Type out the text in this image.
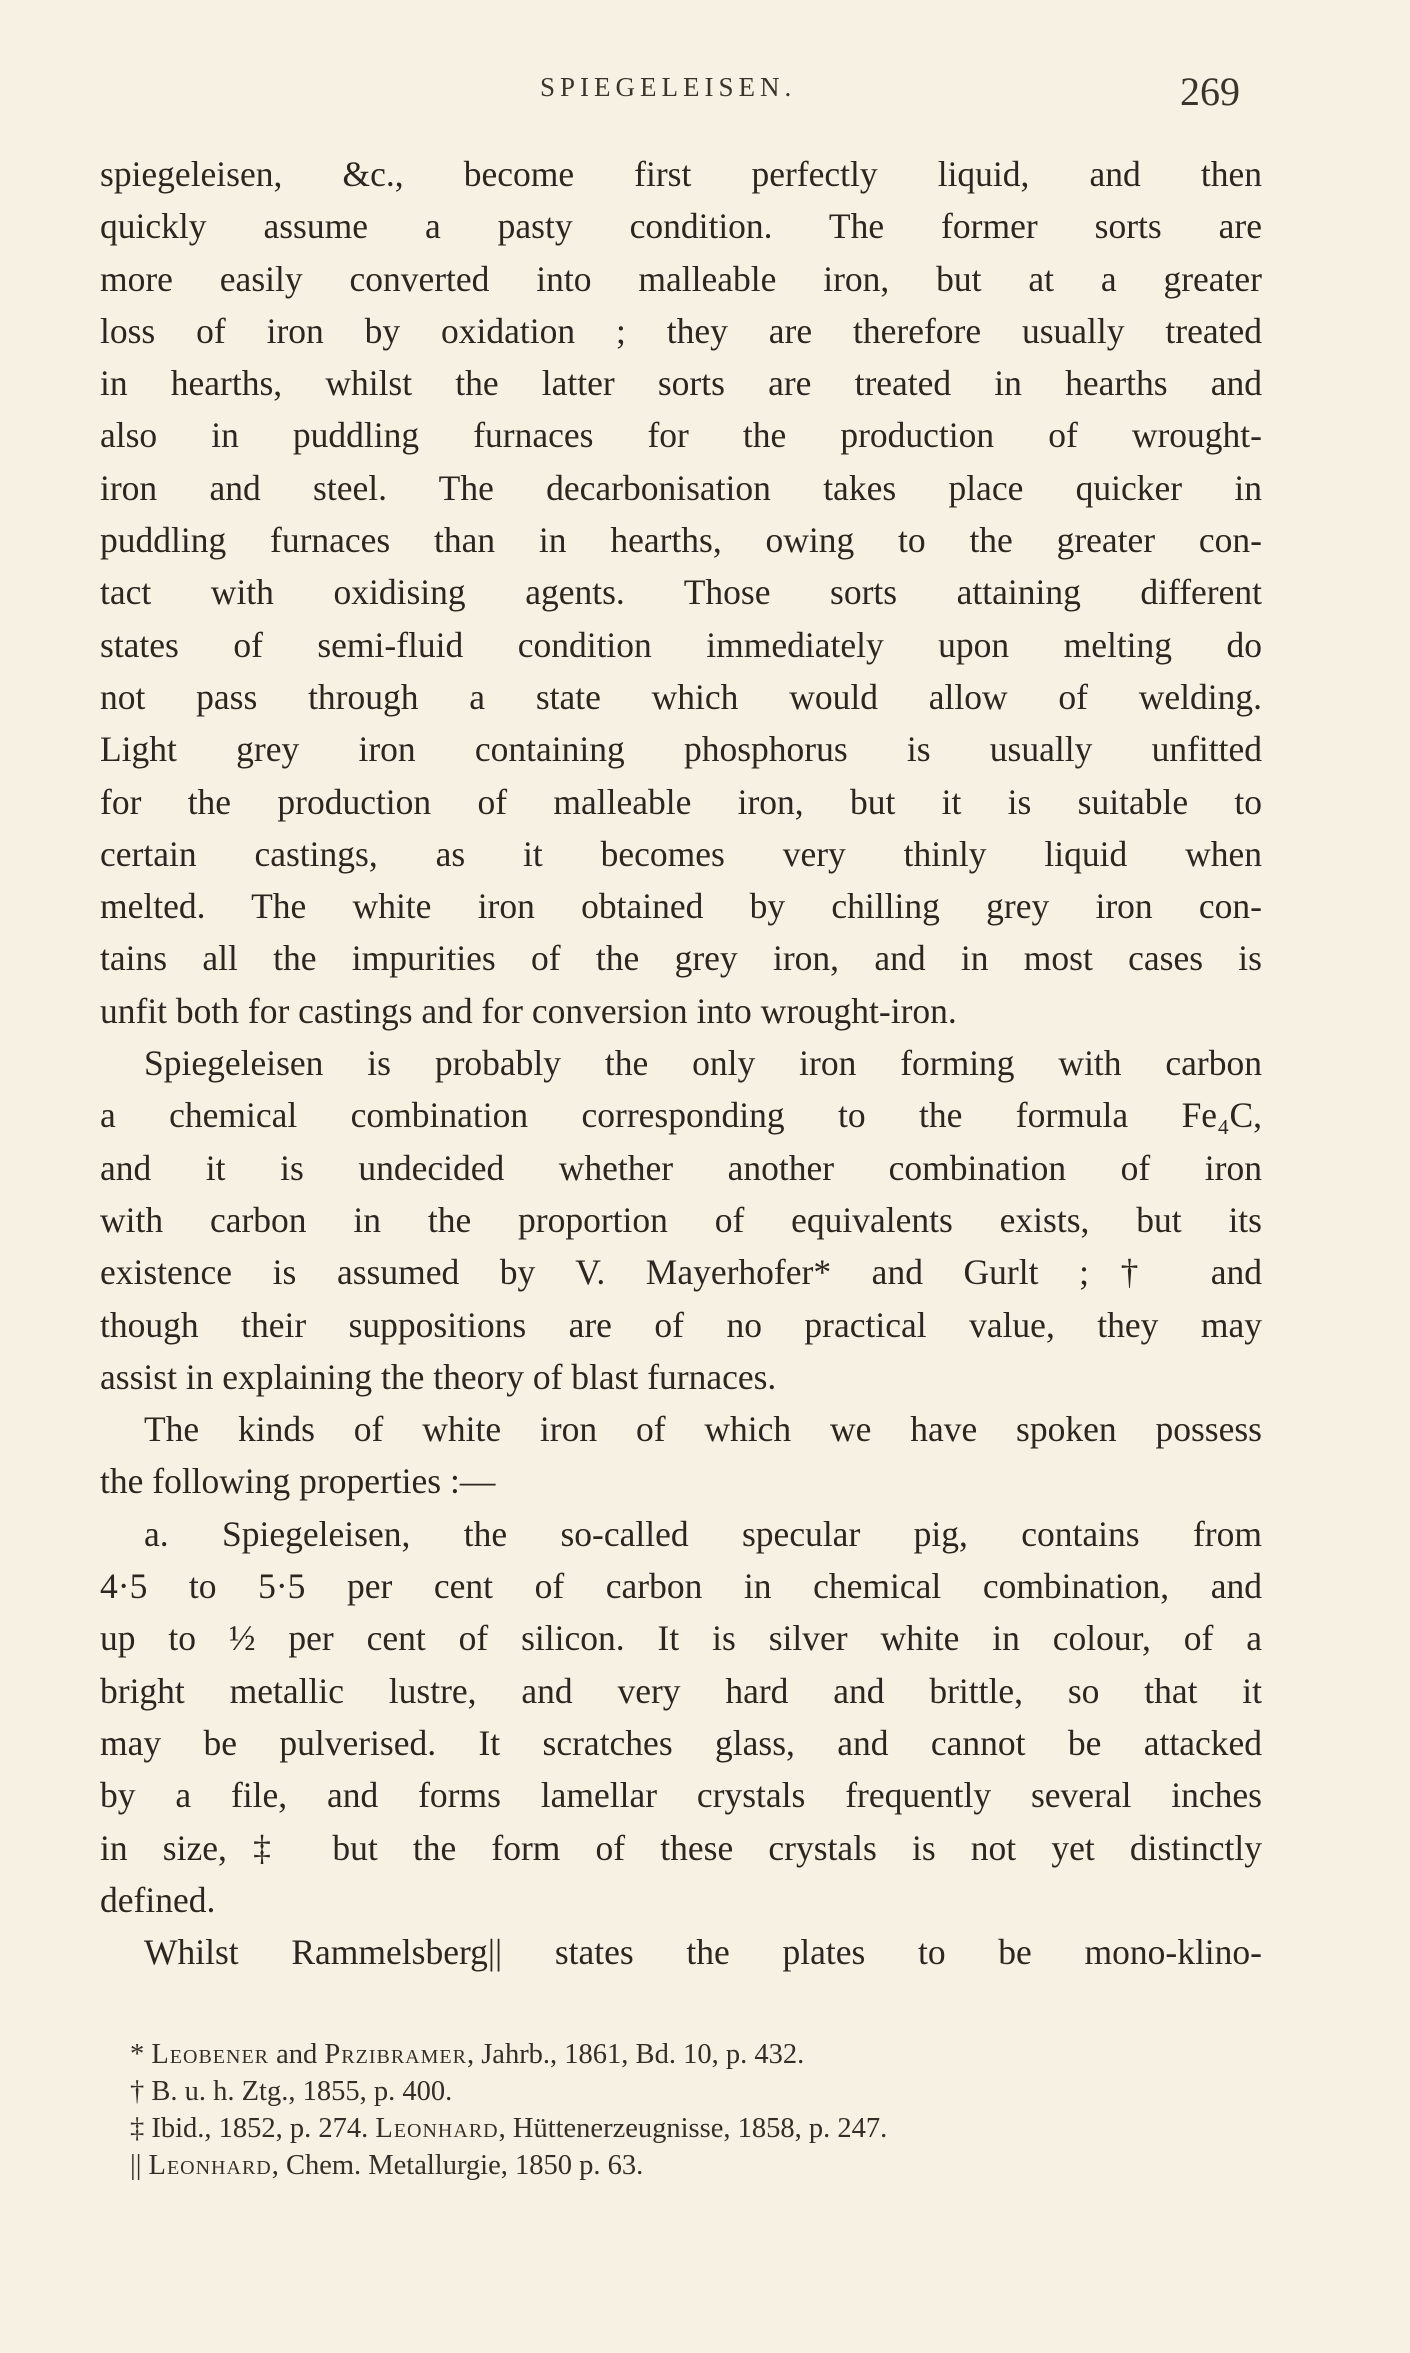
SPIEGELEISEN.	269
spiegeleisen, &c., become first perfectly liquid, and then
quickly assume a pasty condition. The former sorts are
more easily converted into malleable iron, but at a greater
loss of iron by oxidation ; they are therefore usually treated
in hearths, whilst the latter sorts are treated in hearths and
also in puddling furnaces for the production of wrought-
iron and steel. The decarbonisation takes place quicker in
puddling furnaces than in hearths, owing to the greater con-
tact with oxidising agents. Those sorts attaining different
states of semi-fluid condition immediately upon melting do
not pass through a state which would allow of welding.
Light grey iron containing phosphorus is usually unfitted
for the production of malleable iron, but it is suitable to
certain castings, as it becomes very thinly liquid when
melted. The white iron obtained by chilling grey iron con-
tains all the impurities of the grey iron, and in most cases is
unfit both for castings and for conversion into wrought-iron.
Spiegeleisen is probably the only iron forming with carbon
a chemical combination corresponding to the formula Fe₄C,
and it is undecided whether another combination of iron
with carbon in the proportion of equivalents exists, but its
existence is assumed by V. Mayerhofer* and Gurlt ;† and
though their suppositions are of no practical value, they may
assist in explaining the theory of blast furnaces.
The kinds of white iron of which we have spoken possess
the following properties :—
a. Spiegeleisen, the so-called specular pig, contains from
4·5 to 5·5 per cent of carbon in chemical combination, and
up to ½ per cent of silicon. It is silver white in colour, of a
bright metallic lustre, and very hard and brittle, so that it
may be pulverised. It scratches glass, and cannot be attacked
by a file, and forms lamellar crystals frequently several inches
in size,‡ but the form of these crystals is not yet distinctly
defined.
Whilst Rammelsberg|| states the plates to be mono-klino-
* Leobener and Przibramer, Jahrb., 1861, Bd. 10, p. 432.
† B. u. h. Ztg., 1855, p. 400.
‡ Ibid., 1852, p. 274. Leonhard, Hüttenerzeugnisse, 1858, p. 247.
|| Leonhard, Chem. Metallurgie, 1850 p. 63.
